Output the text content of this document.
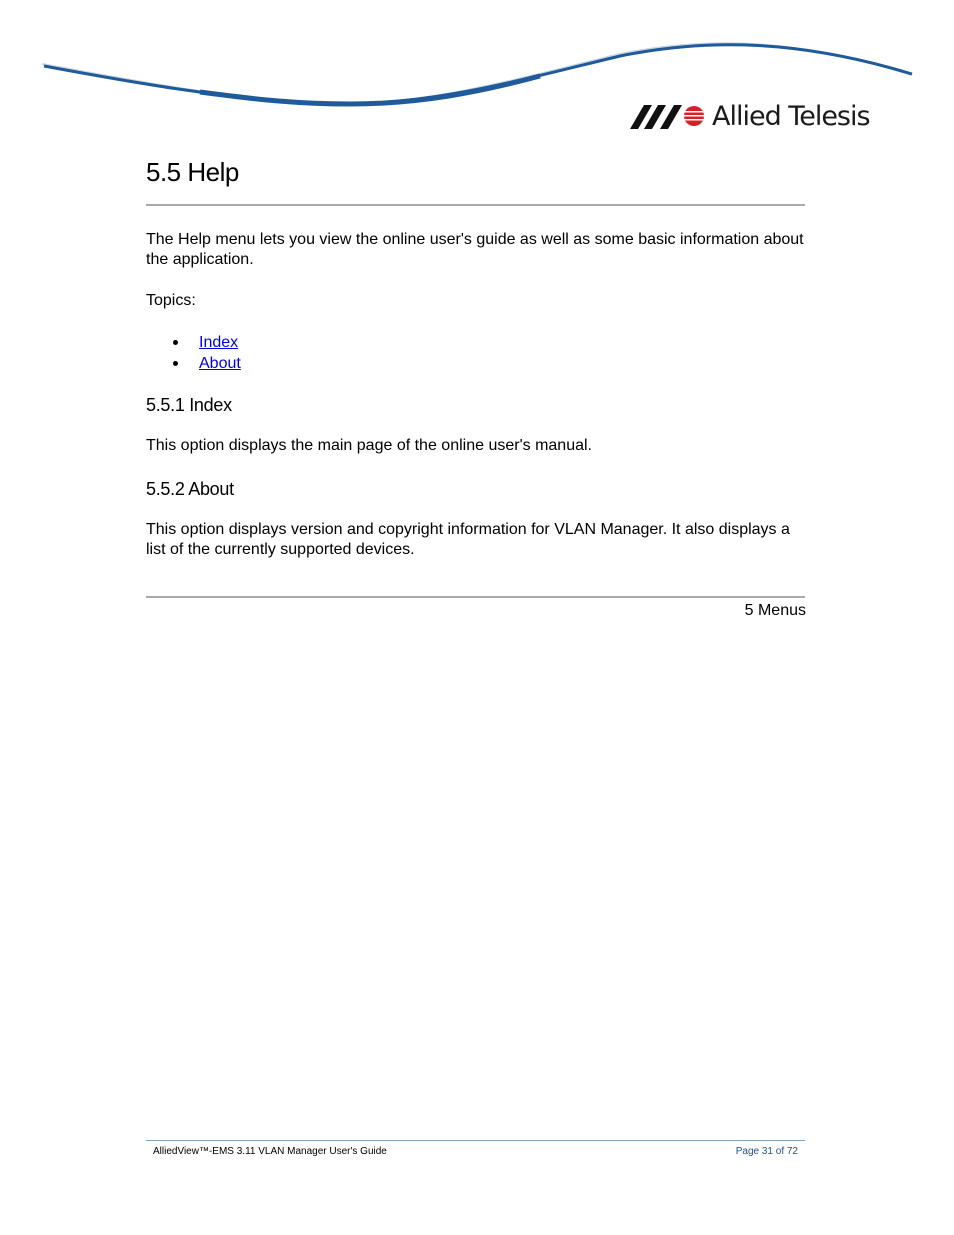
Allied Telesis
5.5 Help

The Help menu lets you view the online user's guide as well as some basic information about the application.

Topics:

Index
About
5.5.1 Index

This option displays the main page of the online user's manual.

5.5.2 About

This option displays version and copyright information for VLAN Manager. It also displays a list of the currently supported devices.

5 Menus
AlliedView™-EMS 3.11 VLAN Manager User's Guide	Page 31 of 72
